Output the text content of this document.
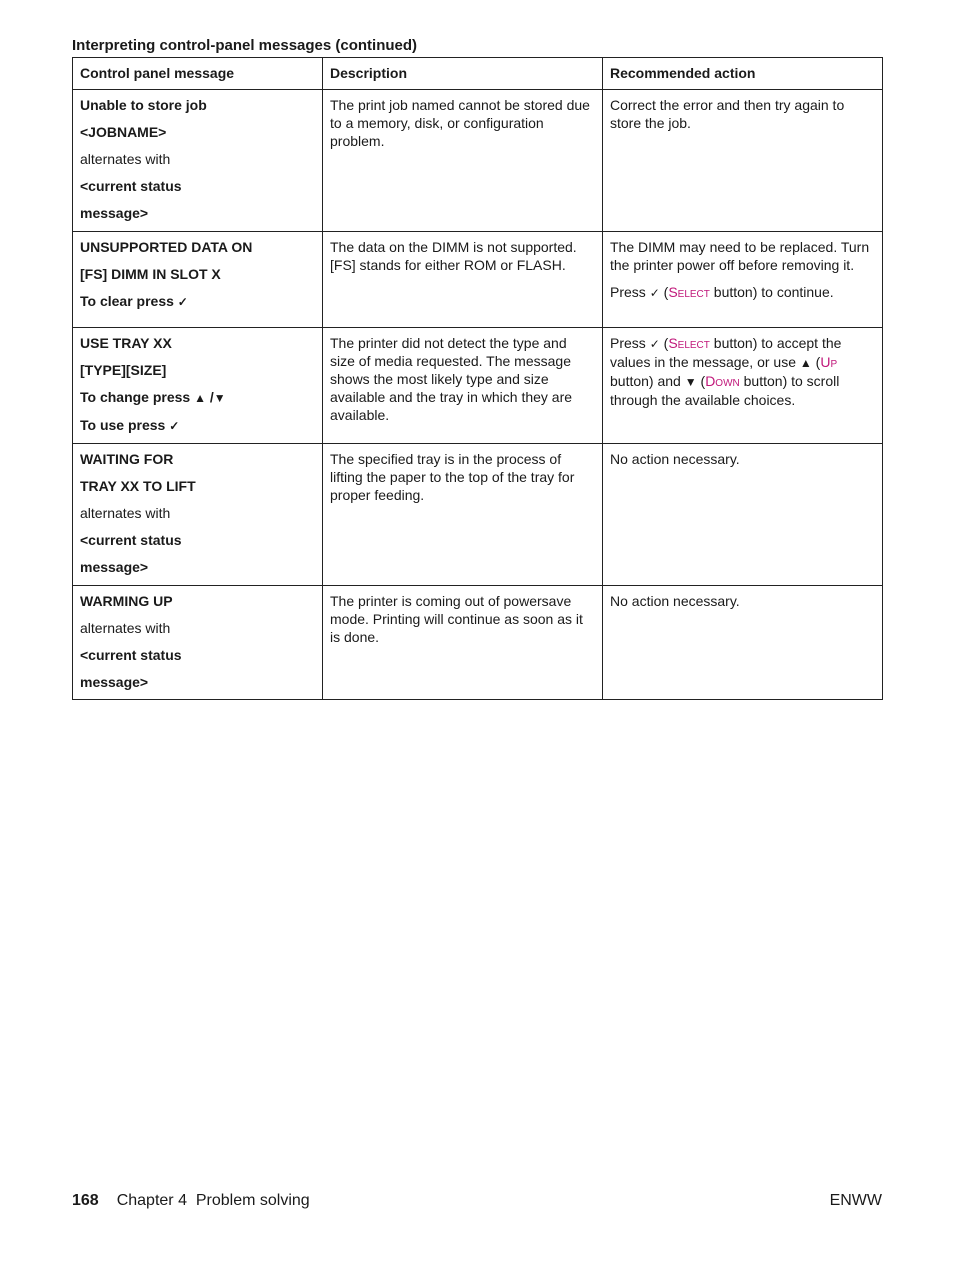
Interpreting control-panel messages (continued)
Control panel message	Description	Recommended action

Unable to store job
<JOBNAME>
alternates with
<current status
message>	The print job named cannot be stored due to a memory, disk, or configuration problem.	Correct the error and then try again to store the job.

UNSUPPORTED DATA ON
[FS] DIMM IN SLOT X
To clear press ✓	The data on the DIMM is not supported. [FS] stands for either ROM or FLASH.	The DIMM may need to be replaced. Turn the printer power off before removing it.
Press ✓ (Select button) to continue.

USE TRAY XX
[TYPE][SIZE]
To change press ▲ /▼
To use press ✓	The printer did not detect the type and size of media requested. The message shows the most likely type and size available and the tray in which they are available.	Press ✓ (Select button) to accept the values in the message, or use ▲ (Up button) and ▼ (Down button) to scroll through the available choices.

WAITING FOR
TRAY XX TO LIFT
alternates with
<current status
message>	The specified tray is in the process of lifting the paper to the top of the tray for proper feeding.	No action necessary.

WARMING UP
alternates with
<current status
message>	The printer is coming out of powersave mode. Printing will continue as soon as it is done.	No action necessary.
168 Chapter 4  Problem solving	ENWW
